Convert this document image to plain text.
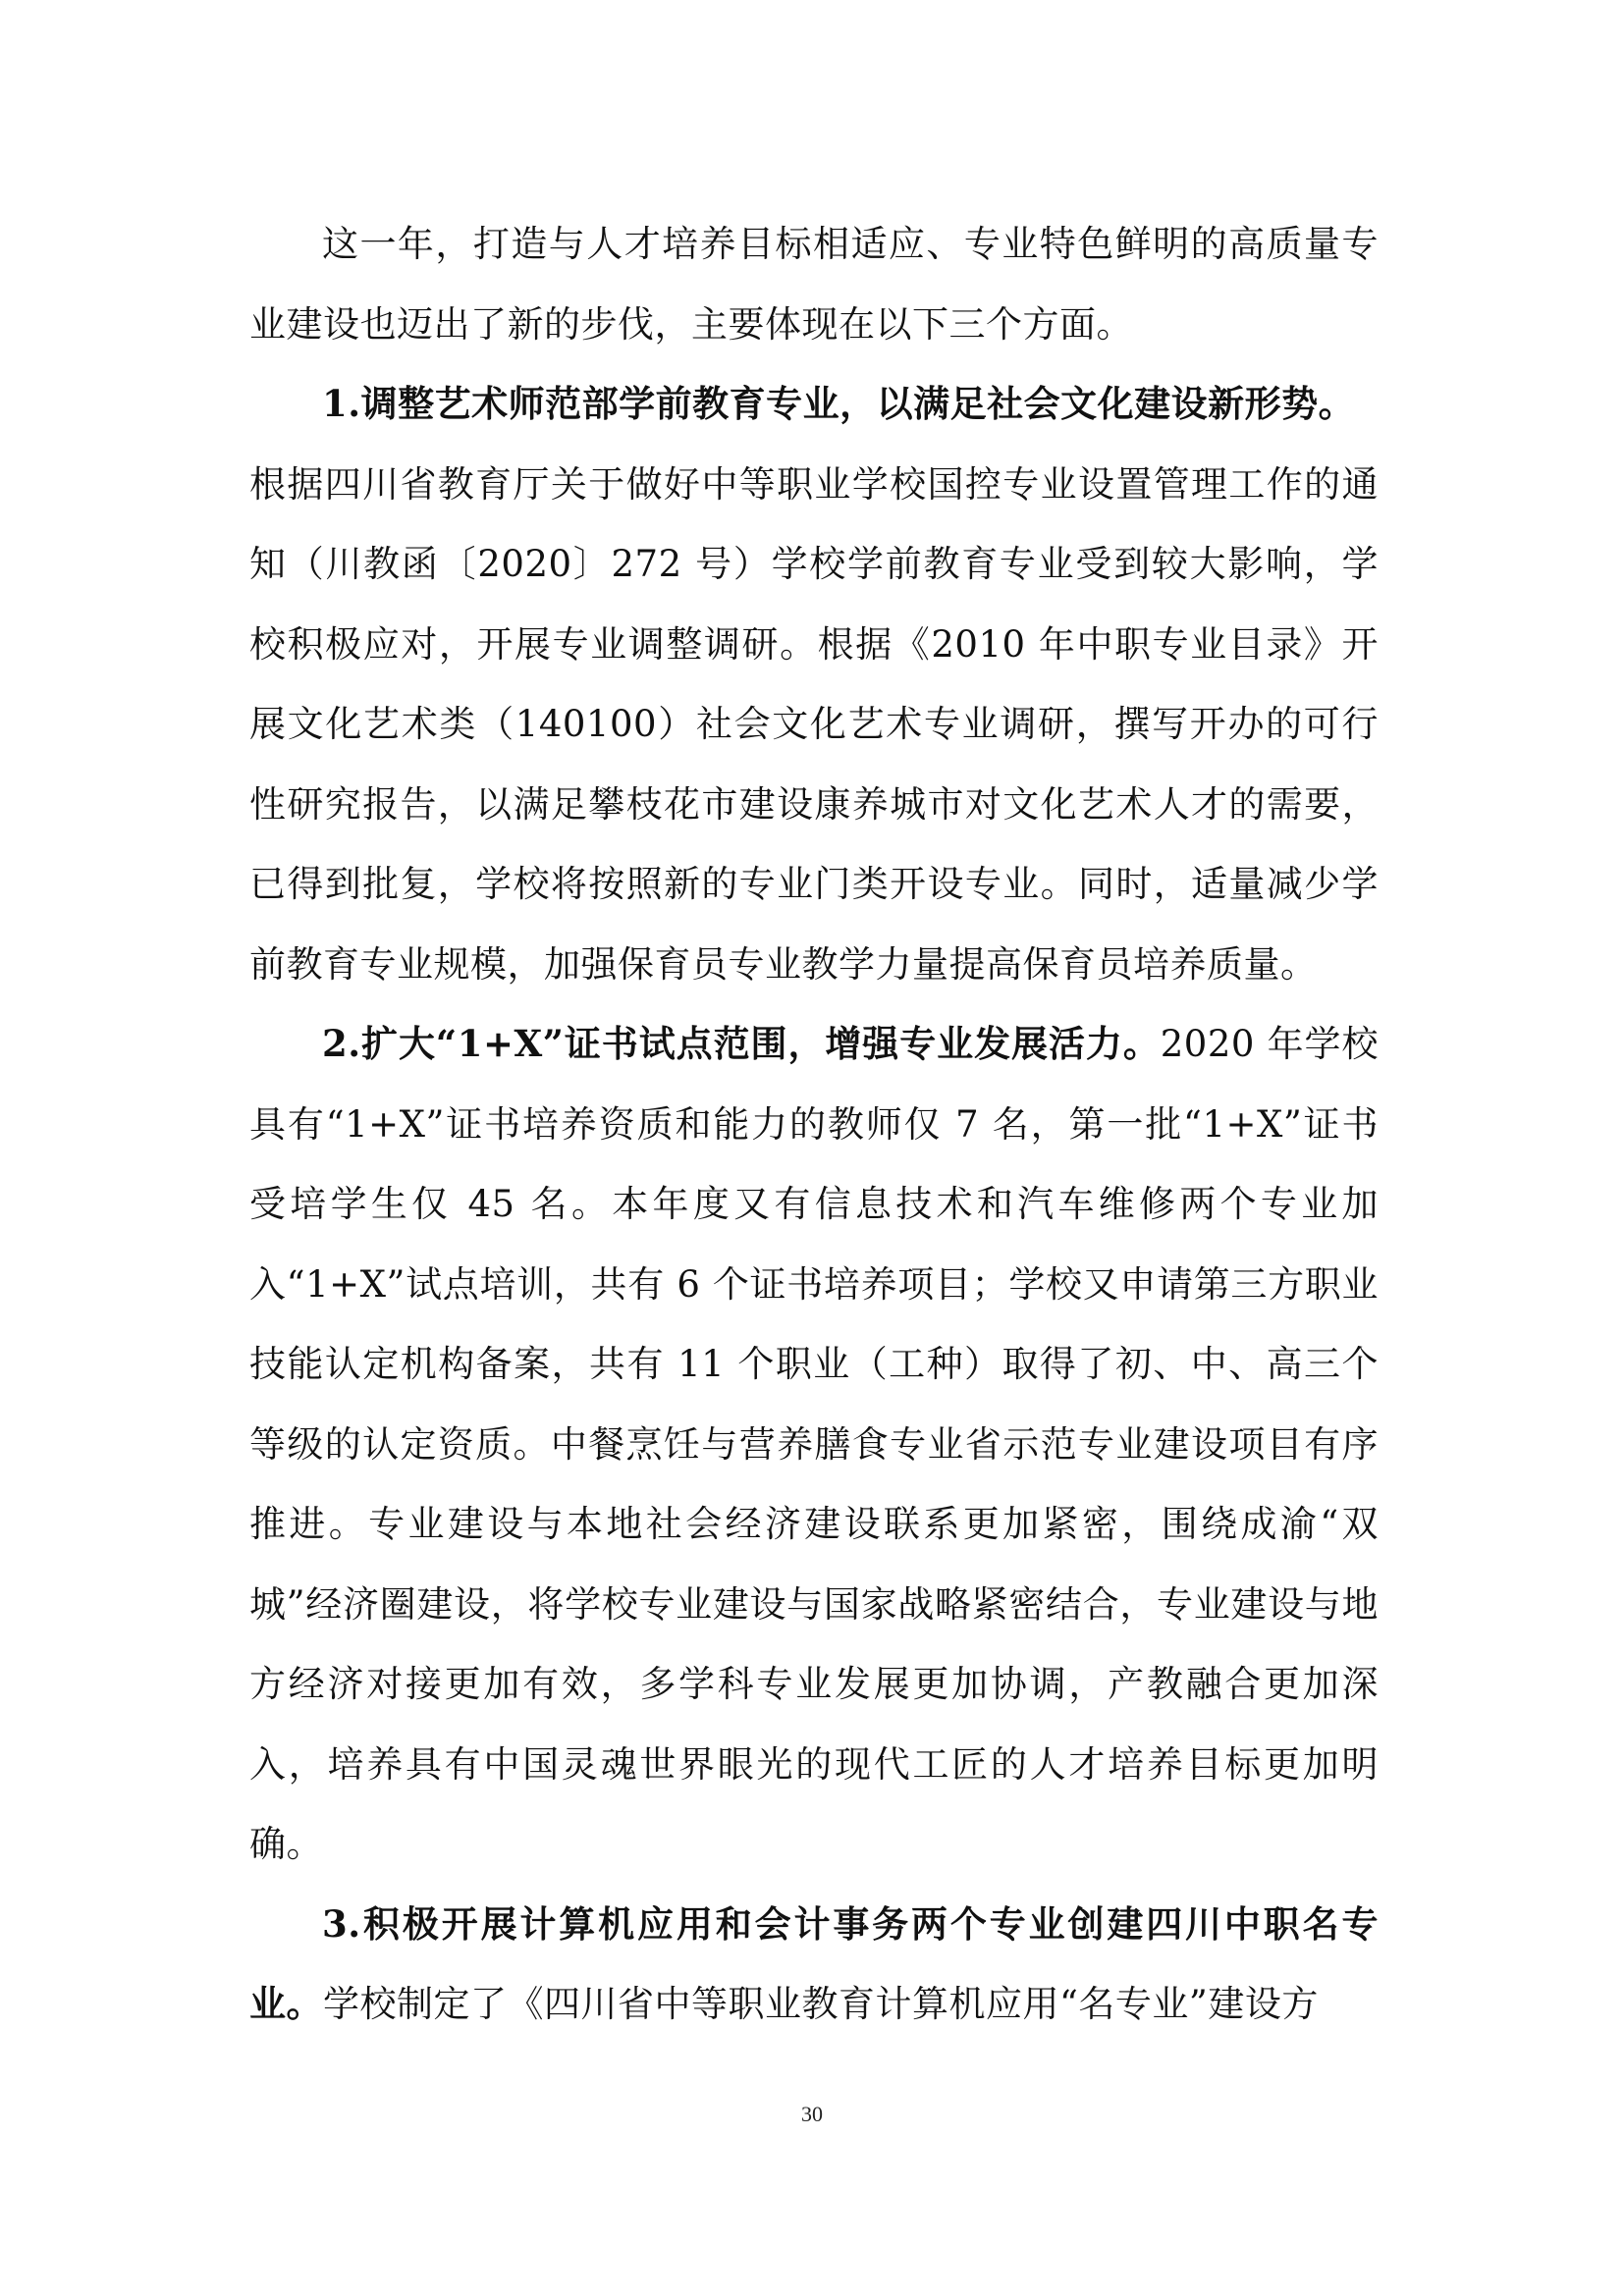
这一年，打造与人才培养目标相适应、专业特色鲜明的高质量专业建设也迈出了新的步伐，主要体现在以下三个方面。

1.调整艺术师范部学前教育专业，以满足社会文化建设新形势。

根据四川省教育厅关于做好中等职业学校国控专业设置管理工作的通知（川教函〔2020〕272 号）学校学前教育专业受到较大影响，学校积极应对，开展专业调整调研。根据《2010 年中职专业目录》开展文化艺术类（140100）社会文化艺术专业调研，撰写开办的可行性研究报告，以满足攀枝花市建设康养城市对文化艺术人才的需要，已得到批复，学校将按照新的专业门类开设专业。同时，适量减少学前教育专业规模，加强保育员专业教学力量提高保育员培养质量。

2.扩大“1+X”证书试点范围，增强专业发展活力。2020 年学校具有“1+X”证书培养资质和能力的教师仅 7 名，第一批“1+X”证书受培学生仅 45 名。本年度又有信息技术和汽车维修两个专业加入“1+X”试点培训，共有 6 个证书培养项目；学校又申请第三方职业技能认定机构备案，共有 11 个职业（工种）取得了初、中、高三个等级的认定资质。中餐烹饪与营养膳食专业省示范专业建设项目有序推进。专业建设与本地社会经济建设联系更加紧密，围绕成渝“双城”经济圈建设，将学校专业建设与国家战略紧密结合，专业建设与地方经济对接更加有效，多学科专业发展更加协调，产教融合更加深入，培养具有中国灵魂世界眼光的现代工匠的人才培养目标更加明确。

3.积极开展计算机应用和会计事务两个专业创建四川中职名专业。学校制定了《四川省中等职业教育计算机应用“名专业”建设方

30
